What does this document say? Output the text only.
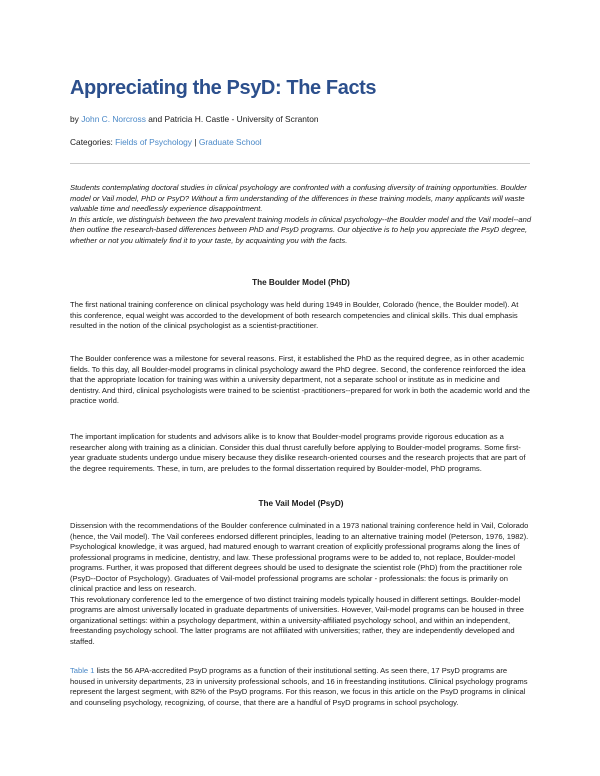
Appreciating the PsyD: The Facts
by John C. Norcross and Patricia H. Castle - University of Scranton
Categories: Fields of Psychology | Graduate School

Students contemplating doctoral studies in clinical psychology are confronted with a confusing diversity of training opportunities. Boulder model or Vail model, PhD or PsyD? Without a firm understanding of the differences in these training models, many applicants will waste valuable time and needlessly experience disappointment.
In this article, we distinguish between the two prevalent training models in clinical psychology--the Boulder model and the Vail model--and then outline the research-based differences between PhD and PsyD programs. Our objective is to help you appreciate the PsyD degree, whether or not you ultimately find it to your taste, by acquainting you with the facts.

The Boulder Model (PhD)

The first national training conference on clinical psychology was held during 1949 in Boulder, Colorado (hence, the Boulder model). At this conference, equal weight was accorded to the development of both research competencies and clinical skills. This dual emphasis resulted in the notion of the clinical psychologist as a scientist-practitioner.

The Boulder conference was a milestone for several reasons. First, it established the PhD as the required degree, as in other academic fields. To this day, all Boulder-model programs in clinical psychology award the PhD degree. Second, the conference reinforced the idea that the appropriate location for training was within a university department, not a separate school or institute as in medicine and dentistry. And third, clinical psychologists were trained to be scientist -practitioners--prepared for work in both the academic world and the practice world.

The important implication for students and advisors alike is to know that Boulder-model programs provide rigorous education as a researcher along with training as a clinician. Consider this dual thrust carefully before applying to Boulder-model programs. Some first-year graduate students undergo undue misery because they dislike research-oriented courses and the research projects that are part of the degree requirements. These, in turn, are preludes to the formal dissertation required by Boulder-model, PhD programs.

The Vail Model (PsyD)

Dissension with the recommendations of the Boulder conference culminated in a 1973 national training conference held in Vail, Colorado (hence, the Vail model). The Vail conferees endorsed different principles, leading to an alternative training model (Peterson, 1976, 1982). Psychological knowledge, it was argued, had matured enough to warrant creation of explicitly professional programs along the lines of professional programs in medicine, dentistry, and law. These professional programs were to be added to, not replace, Boulder-model programs. Further, it was proposed that different degrees should be used to designate the scientist role (PhD) from the practitioner role (PsyD--Doctor of Psychology). Graduates of Vail-model professional programs are scholar - professionals: the focus is primarily on clinical practice and less on research.
This revolutionary conference led to the emergence of two distinct training models typically housed in different settings. Boulder-model programs are almost universally located in graduate departments of universities. However, Vail-model programs can be housed in three organizational settings: within a psychology department, within a university-affiliated psychology school, and within an independent, freestanding psychology school. The latter programs are not affiliated with universities; rather, they are independently developed and staffed.

Table 1 lists the 56 APA-accredited PsyD programs as a function of their institutional setting. As seen there, 17 PsyD programs are housed in university departments, 23 in university professional schools, and 16 in freestanding institutions. Clinical psychology programs represent the largest segment, with 82% of the PsyD programs. For this reason, we focus in this article on the PsyD programs in clinical and counseling psychology, recognizing, of course, that there are a handful of PsyD programs in school psychology.
